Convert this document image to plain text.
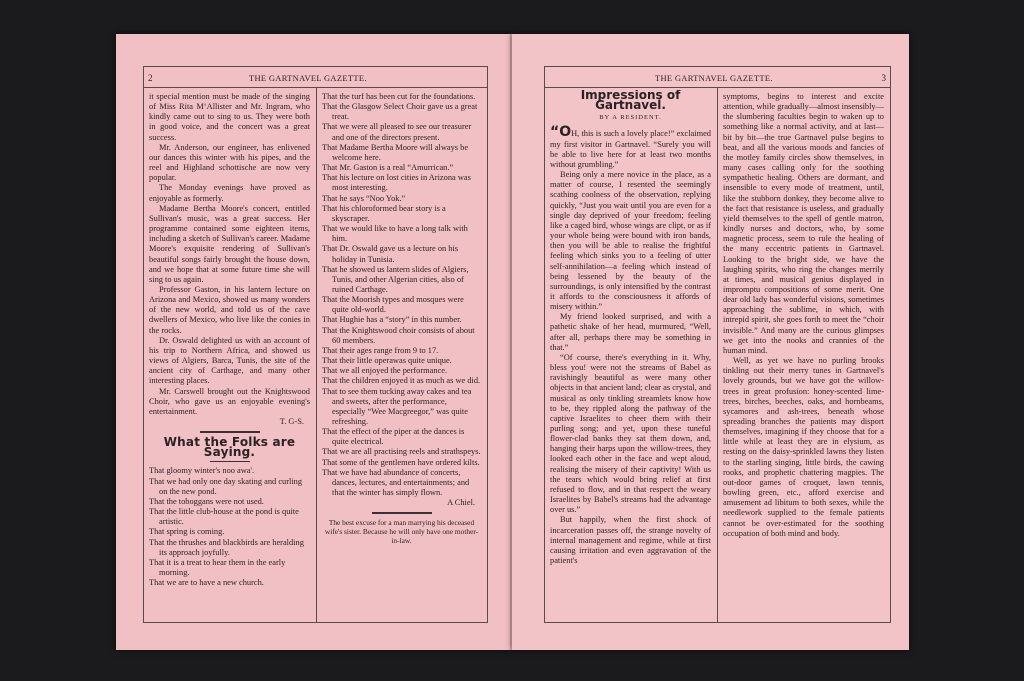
2	THE GARTNAVEL GAZETTE.

it special mention must be made of the singing of Miss Rita M‘Allister and Mr. Ingram, who kindly came out to sing to us. They were both in good voice, and the concert was a great success.

Mr. Anderson, our engineer, has enlivened our dances this winter with his pipes, and the reel and Highland schottische are now very popular.

The Monday evenings have proved as enjoyable as formerly.

Madame Bertha Moore's concert, entitled Sullivan's music, was a great success. Her programme contained some eighteen items, including a sketch of Sullivan's career. Madame Moore's exquisite rendering of Sullivan's beautiful songs fairly brought the house down, and we hope that at some future time she will sing to us again.

Professor Gaston, in his lantern lecture on Arizona and Mexico, showed us many wonders of the new world, and told us of the cave dwellers of Mexico, who live like the conies in the rocks.

Dr. Oswald delighted us with an account of his trip to Northern Africa, and showed us views of Algiers, Barca, Tunis, the site of the ancient city of Carthage, and many other interesting places.

Mr. Carswell brought out the Knightswood Choir, who gave us an enjoyable evening's entertainment.

T. G-S.

What the Folks are Saying.

That gloomy winter's noo awa'.

That we had only one day skating and curling on the new pond.

That the toboggans were not used.

That the little club-house at the pond is quite artistic.

That spring is coming.

That the thrushes and blackbirds are heralding its approach joyfully.

That it is a treat to hear them in the early morning.

That we are to have a new church.

That the turf has been cut for the foundations.

That the Glasgow Select Choir gave us a great treat.

That we were all pleased to see our treasurer and one of the directors present.

That Madame Bertha Moore will always be welcome here.

That Mr. Gaston is a real “Amurrican.”

That his lecture on lost cities in Arizona was most interesting.

That he says “Noo Yok.”

That his chloroformed bear story is a skyscraper.

That we would like to have a long talk with him.

That Dr. Oswald gave us a lecture on his holiday in Tunisia.

That he showed us lantern slides of Algiers, Tunis, and other Algerian cities, also of ruined Carthage.

That the Moorish types and mosques were quite old-world.

That Hughie has a “story” in this number.

That the Knightswood choir consists of about 60 members.

That their ages range from 9 to 17.

That their little operawas quite unique.

That we all enjoyed the performance.

That the children enjoyed it as much as we did.

That to see them tucking away cakes and tea and sweets, after the performance, especially “Wee Macgreegor,” was quite refreshing.

That the effect of the piper at the dances is quite electrical.

That we are all practising reels and strathspeys.

That some of the gentlemen have ordered kilts.

That we have had abundance of concerts, dances, lectures, and entertainments; and that the winter has simply flown.

A Chiel.

The best excuse for a man marrying his deceased wife's sister. Because he will only have one mother-in-law.

THE GARTNAVEL GAZETTE.	3
Impressions of Gartnavel.
BY A RESIDENT.

“OH, this is such a lovely place!” exclaimed my first visitor in Gartnavel. “Surely you will be able to live here for at least two months without grumbling.”

Being only a mere novice in the place, as a matter of course, I resented the seemingly scathing coolness of the observation, replying quickly, “Just you wait until you are even for a single day deprived of your freedom; feeling like a caged bird, whose wings are clipt, or as if your whole being were bound with iron bands, then you will be able to realise the frightful feeling which sinks you to a feeling of utter self-annihilation—a feeling which instead of being lessened by the beauty of the surroundings, is only intensified by the contrast it affords to the consciousness it affords of misery within.”

My friend looked surprised, and with a pathetic shake of her head, murmured, “Well, after all, perhaps there may be something in that.”

“Of course, there's everything in it. Why, bless you! were not the streams of Babel as ravishingly beautiful as were many other objects in that ancient land; clear as crystal, and musical as only tinkling streamlets know how to be, they rippled along the pathway of the captive Israelites to cheer them with their purling song; and yet, upon these tuneful flower-clad banks they sat them down, and, hanging their harps upon the willow-trees, they looked each other in the face and wept aloud, realising the misery of their captivity! With us the tears which would bring relief at first refused to flow, and in that respect the weary Israelites by Babel's streams had the advantage over us.”

But happily, when the first shock of incarceration passes off, the strange novelty of internal management and regime, while at first causing irritation and even aggravation of the patient's

symptoms, begins to interest and excite attention, while gradually—almost insensibly—the slumbering faculties begin to waken up to something like a normal activity, and at last—bit by bit—the true Gartnavel pulse begins to beat, and all the various moods and fancies of the motley family circles show themselves, in many cases calling only for the soothing sympathetic healing. Others are dormant, and insensible to every mode of treatment, until, like the stubborn donkey, they become alive to the fact that resistance is useless, and gradually yield themselves to the spell of gentle matron, kindly nurses and doctors, who, by some magnetic process, seem to rule the healing of the many eccentric patients in Gartnavel. Looking to the bright side, we have the laughing spirits, who ring the changes merrily at times, and musical genius displayed in impromptu compositions of some merit. One dear old lady has wonderful visions, sometimes approaching the sublime, in which, with intrepid spirit, she goes forth to meet the “choir invisible.” And many are the curious glimpses we get into the nooks and crannies of the human mind.

Well, as yet we have no purling brooks tinkling out their merry tunes in Gartnavel's lovely grounds, but we have got the willow-trees in great profusion: honey-scented lime-trees, birches, beeches, oaks, and hornbeams, sycamores and ash-trees, beneath whose spreading branches the patients may disport themselves, imagining if they choose that for a little while at least they are in elysium, as resting on the daisy-sprinkled lawns they listen to the starling singing, little birds, the cawing rooks, and prophetic chattering magpies. The out-door games of croquet, lawn tennis, bowling green, etc., afford exercise and amusement ad libitum to both sexes, while the needlework supplied to the female patients cannot be over-estimated for the soothing occupation of both mind and body.
